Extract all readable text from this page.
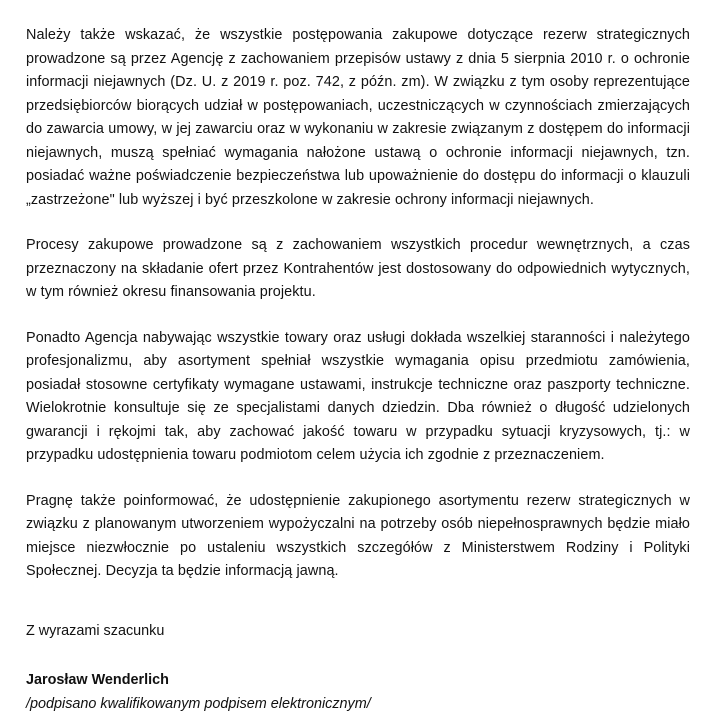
Należy także wskazać, że wszystkie postępowania zakupowe dotyczące rezerw strategicznych prowadzone są przez Agencję z zachowaniem przepisów ustawy z dnia 5 sierpnia 2010 r. o ochronie informacji niejawnych (Dz. U. z 2019 r. poz. 742, z późn. zm). W związku z tym osoby reprezentujące przedsiębiorców biorących udział w postępowaniach, uczestniczących w czynnościach zmierzających do zawarcia umowy, w jej zawarciu oraz w wykonaniu w zakresie związanym z dostępem do informacji niejawnych, muszą spełniać wymagania nałożone ustawą o ochronie informacji niejawnych, tzn. posiadać ważne poświadczenie bezpieczeństwa lub upoważnienie do dostępu do informacji o klauzuli „zastrzeżone" lub wyższej i być przeszkolone w zakresie ochrony informacji niejawnych.

Procesy zakupowe prowadzone są z zachowaniem wszystkich procedur wewnętrznych, a czas przeznaczony na składanie ofert przez Kontrahentów jest dostosowany do odpowiednich wytycznych, w tym również okresu finansowania projektu.

Ponadto Agencja nabywając wszystkie towary oraz usługi dokłada wszelkiej staranności i należytego profesjonalizmu, aby asortyment spełniał wszystkie wymagania opisu przedmiotu zamówienia, posiadał stosowne certyfikaty wymagane ustawami, instrukcje techniczne oraz paszporty techniczne. Wielokrotnie konsultuje się ze specjalistami danych dziedzin. Dba również o długość udzielonych gwarancji i rękojmi tak, aby zachować jakość towaru w przypadku sytuacji kryzysowych, tj.: w przypadku udostępnienia towaru podmiotom celem użycia ich zgodnie z przeznaczeniem.

Pragnę także poinformować, że udostępnienie zakupionego asortymentu rezerw strategicznych w związku z planowanym utworzeniem wypożyczalni na potrzeby osób niepełnosprawnych będzie miało miejsce niezwłocznie po ustaleniu wszystkich szczegółów z Ministerstwem Rodziny i Polityki Społecznej. Decyzja ta będzie informacją jawną.

Z wyrazami szacunku

Jarosław Wenderlich

/podpisano kwalifikowanym podpisem elektronicznym/
